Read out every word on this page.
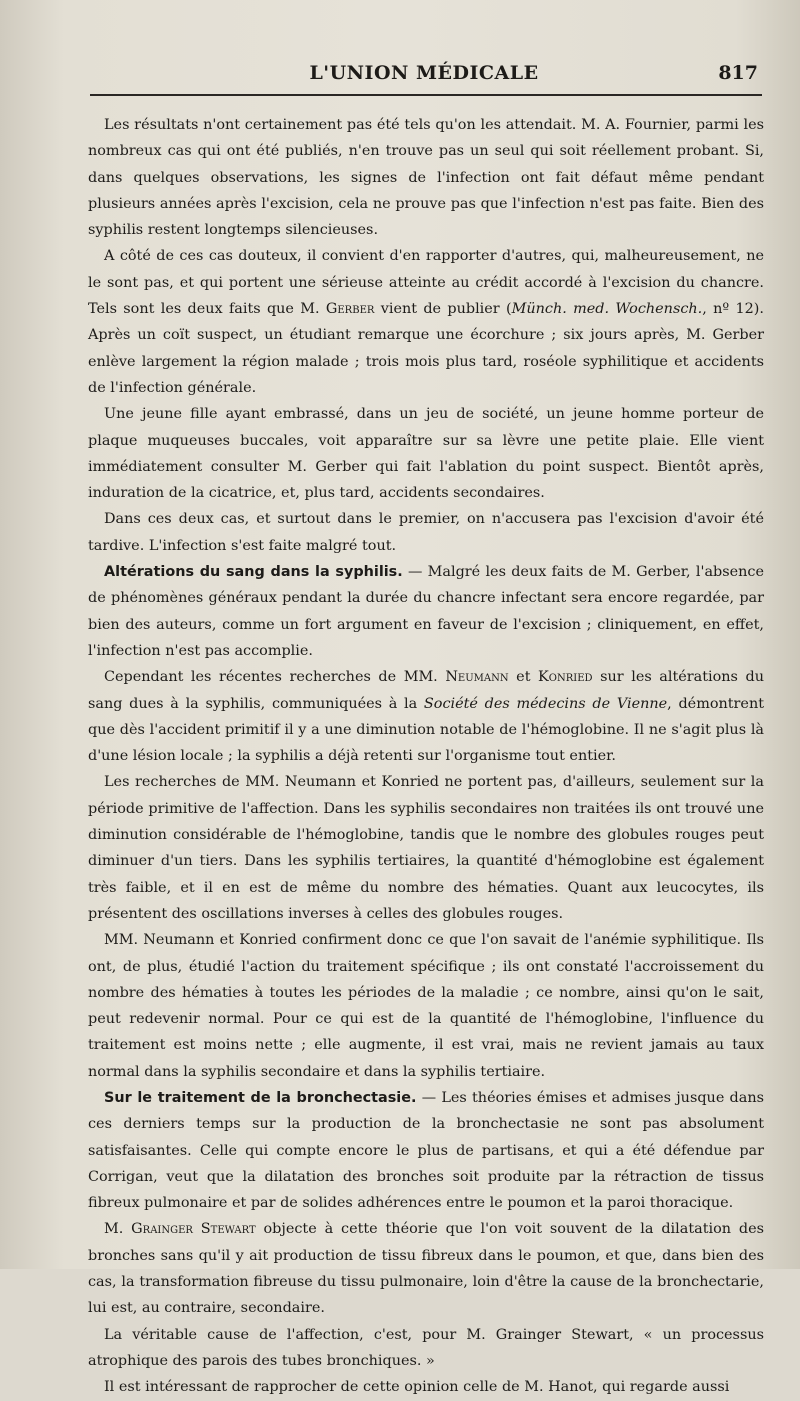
L'UNION MÉDICALE	817

Les résultats n'ont certainement pas été tels qu'on les attendait. M. A. Fournier, parmi les nombreux cas qui ont été publiés, n'en trouve pas un seul qui soit réellement probant. Si, dans quelques observations, les signes de l'infection ont fait défaut même pendant plusieurs années après l'excision, cela ne prouve pas que l'infection n'est pas faite. Bien des syphilis restent longtemps silencieuses.

A côté de ces cas douteux, il convient d'en rapporter d'autres, qui, malheureusement, ne le sont pas, et qui portent une sérieuse atteinte au crédit accordé à l'excision du chancre. Tels sont les deux faits que M. Gerber vient de publier (Münch. med. Wochensch., nº 12). Après un coït suspect, un étudiant remarque une écorchure ; six jours après, M. Gerber enlève largement la région malade ; trois mois plus tard, roséole syphilitique et accidents de l'infection générale.

Une jeune fille ayant embrassé, dans un jeu de société, un jeune homme porteur de plaque muqueuses buccales, voit apparaître sur sa lèvre une petite plaie. Elle vient immédiatement consulter M. Gerber qui fait l'ablation du point suspect. Bientôt après, induration de la cicatrice, et, plus tard, accidents secondaires.

Dans ces deux cas, et surtout dans le premier, on n'accusera pas l'excision d'avoir été tardive. L'infection s'est faite malgré tout.

Altérations du sang dans la syphilis. — Malgré les deux faits de M. Gerber, l'absence de phénomènes généraux pendant la durée du chancre infectant sera encore regardée, par bien des auteurs, comme un fort argument en faveur de l'excision ; cliniquement, en effet, l'infection n'est pas accomplie.

Cependant les récentes recherches de MM. Neumann et Konried sur les altérations du sang dues à la syphilis, communiquées à la Société des médecins de Vienne, démontrent que dès l'accident primitif il y a une diminution notable de l'hémoglobine. Il ne s'agit plus là d'une lésion locale ; la syphilis a déjà retenti sur l'organisme tout entier.

Les recherches de MM. Neumann et Konried ne portent pas, d'ailleurs, seulement sur la période primitive de l'affection. Dans les syphilis secondaires non traitées ils ont trouvé une diminution considérable de l'hémoglobine, tandis que le nombre des globules rouges peut diminuer d'un tiers. Dans les syphilis tertiaires, la quantité d'hémoglobine est également très faible, et il en est de même du nombre des hématies. Quant aux leucocytes, ils présentent des oscillations inverses à celles des globules rouges.

MM. Neumann et Konried confirment donc ce que l'on savait de l'anémie syphilitique. Ils ont, de plus, étudié l'action du traitement spécifique ; ils ont constaté l'accroissement du nombre des hématies à toutes les périodes de la maladie ; ce nombre, ainsi qu'on le sait, peut redevenir normal. Pour ce qui est de la quantité de l'hémoglobine, l'influence du traitement est moins nette ; elle augmente, il est vrai, mais ne revient jamais au taux normal dans la syphilis secondaire et dans la syphilis tertiaire.

Sur le traitement de la bronchectasie. — Les théories émises et admises jusque dans ces derniers temps sur la production de la bronchectasie ne sont pas absolument satisfaisantes. Celle qui compte encore le plus de partisans, et qui a été défendue par Corrigan, veut que la dilatation des bronches soit produite par la rétraction de tissus fibreux pulmonaire et par de solides adhérences entre le poumon et la paroi thoracique.

M. Grainger Stewart objecte à cette théorie que l'on voit souvent de la dilatation des bronches sans qu'il y ait production de tissu fibreux dans le poumon, et que, dans bien des cas, la transformation fibreuse du tissu pulmonaire, loin d'être la cause de la bronchectarie, lui est, au contraire, secondaire.

La véritable cause de l'affection, c'est, pour M. Grainger Stewart, « un processus atrophique des parois des tubes bronchiques. »

Il est intéressant de rapprocher de cette opinion celle de M. Hanot, qui regarde aussi
